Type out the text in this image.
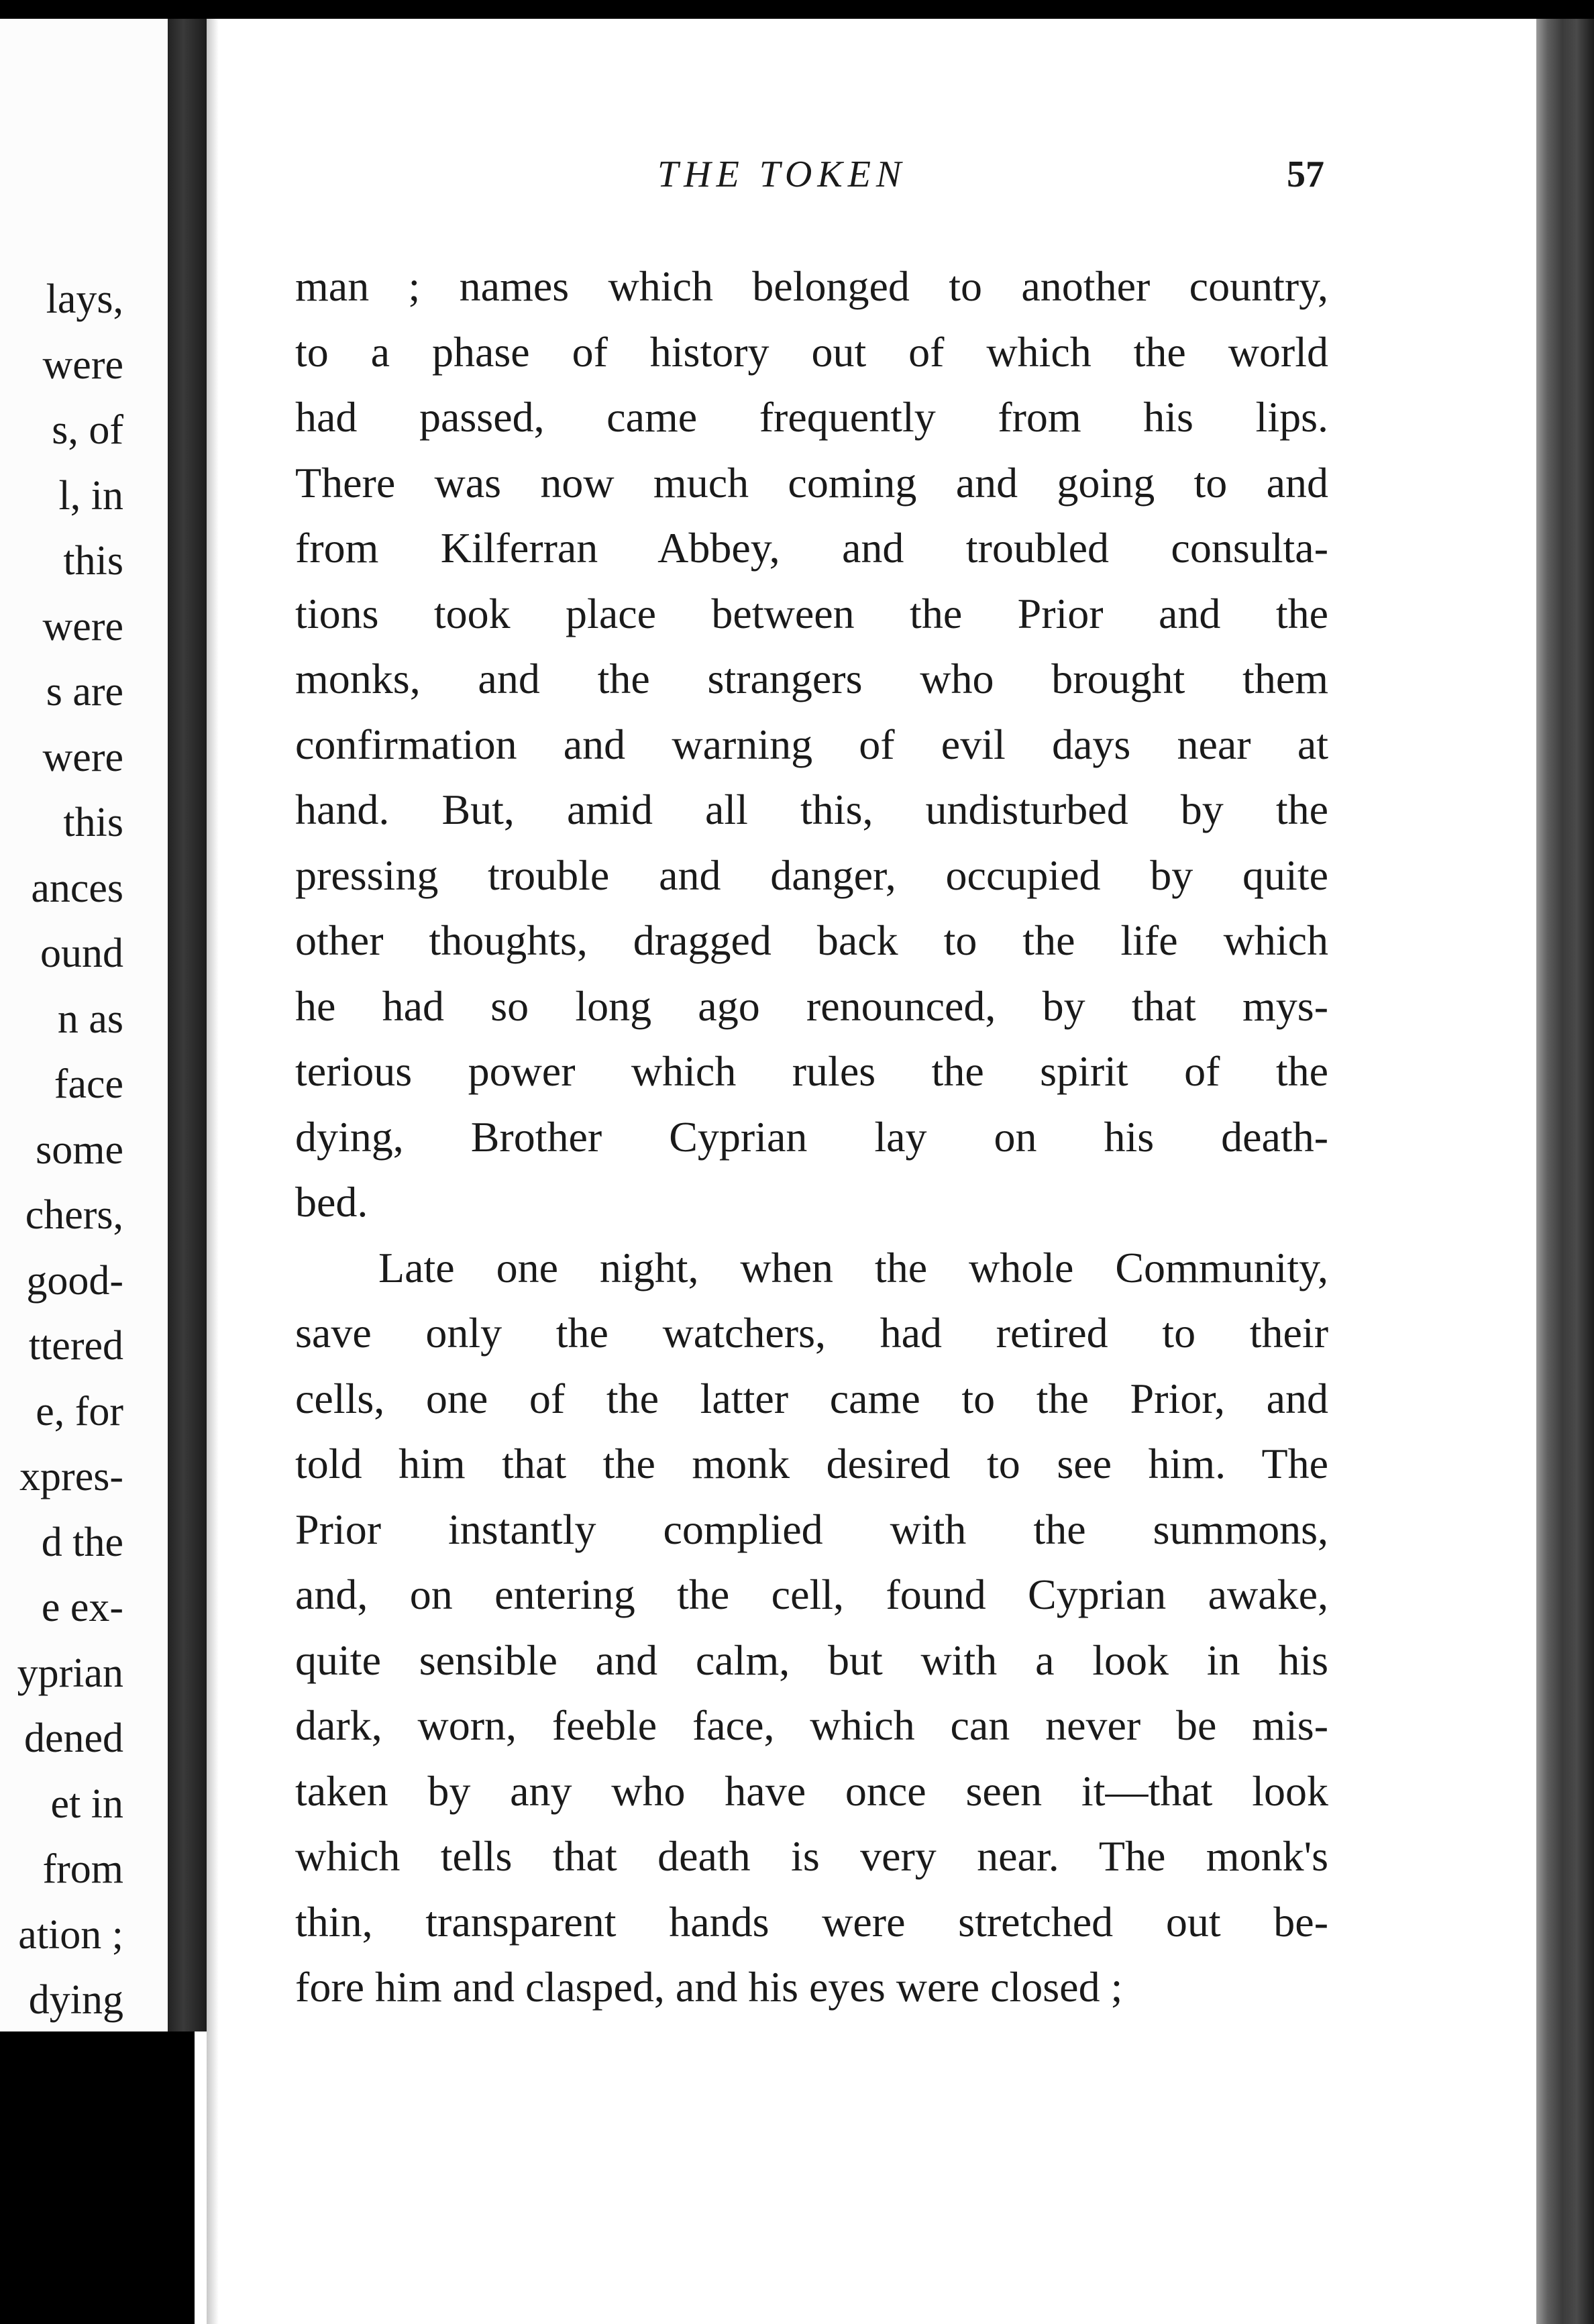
lays,
were
s, of
l, in
this
were
s are
were
this
ances
ound
n as
face
some
chers,
good-
ttered
e, for
xpres-
d the
e ex-
yprian
dened
et in
from
ation ;
dying
THE TOKEN	57
man ; names which belonged to another country,
to a phase of history out of which the world
had passed, came frequently from his lips.
There was now much coming and going to and
from Kilferran Abbey, and troubled consulta-
tions took place between the Prior and the
monks, and the strangers who brought them
confirmation and warning of evil days near at
hand. But, amid all this, undisturbed by the
pressing trouble and danger, occupied by quite
other thoughts, dragged back to the life which
he had so long ago renounced, by that mys-
terious power which rules the spirit of the
dying, Brother Cyprian lay on his death-
bed.
Late one night, when the whole Community,
save only the watchers, had retired to their
cells, one of the latter came to the Prior, and
told him that the monk desired to see him. The
Prior instantly complied with the summons,
and, on entering the cell, found Cyprian awake,
quite sensible and calm, but with a look in his
dark, worn, feeble face, which can never be mis-
taken by any who have once seen it—that look
which tells that death is very near. The monk's
thin, transparent hands were stretched out be-
fore him and clasped, and his eyes were closed ;
